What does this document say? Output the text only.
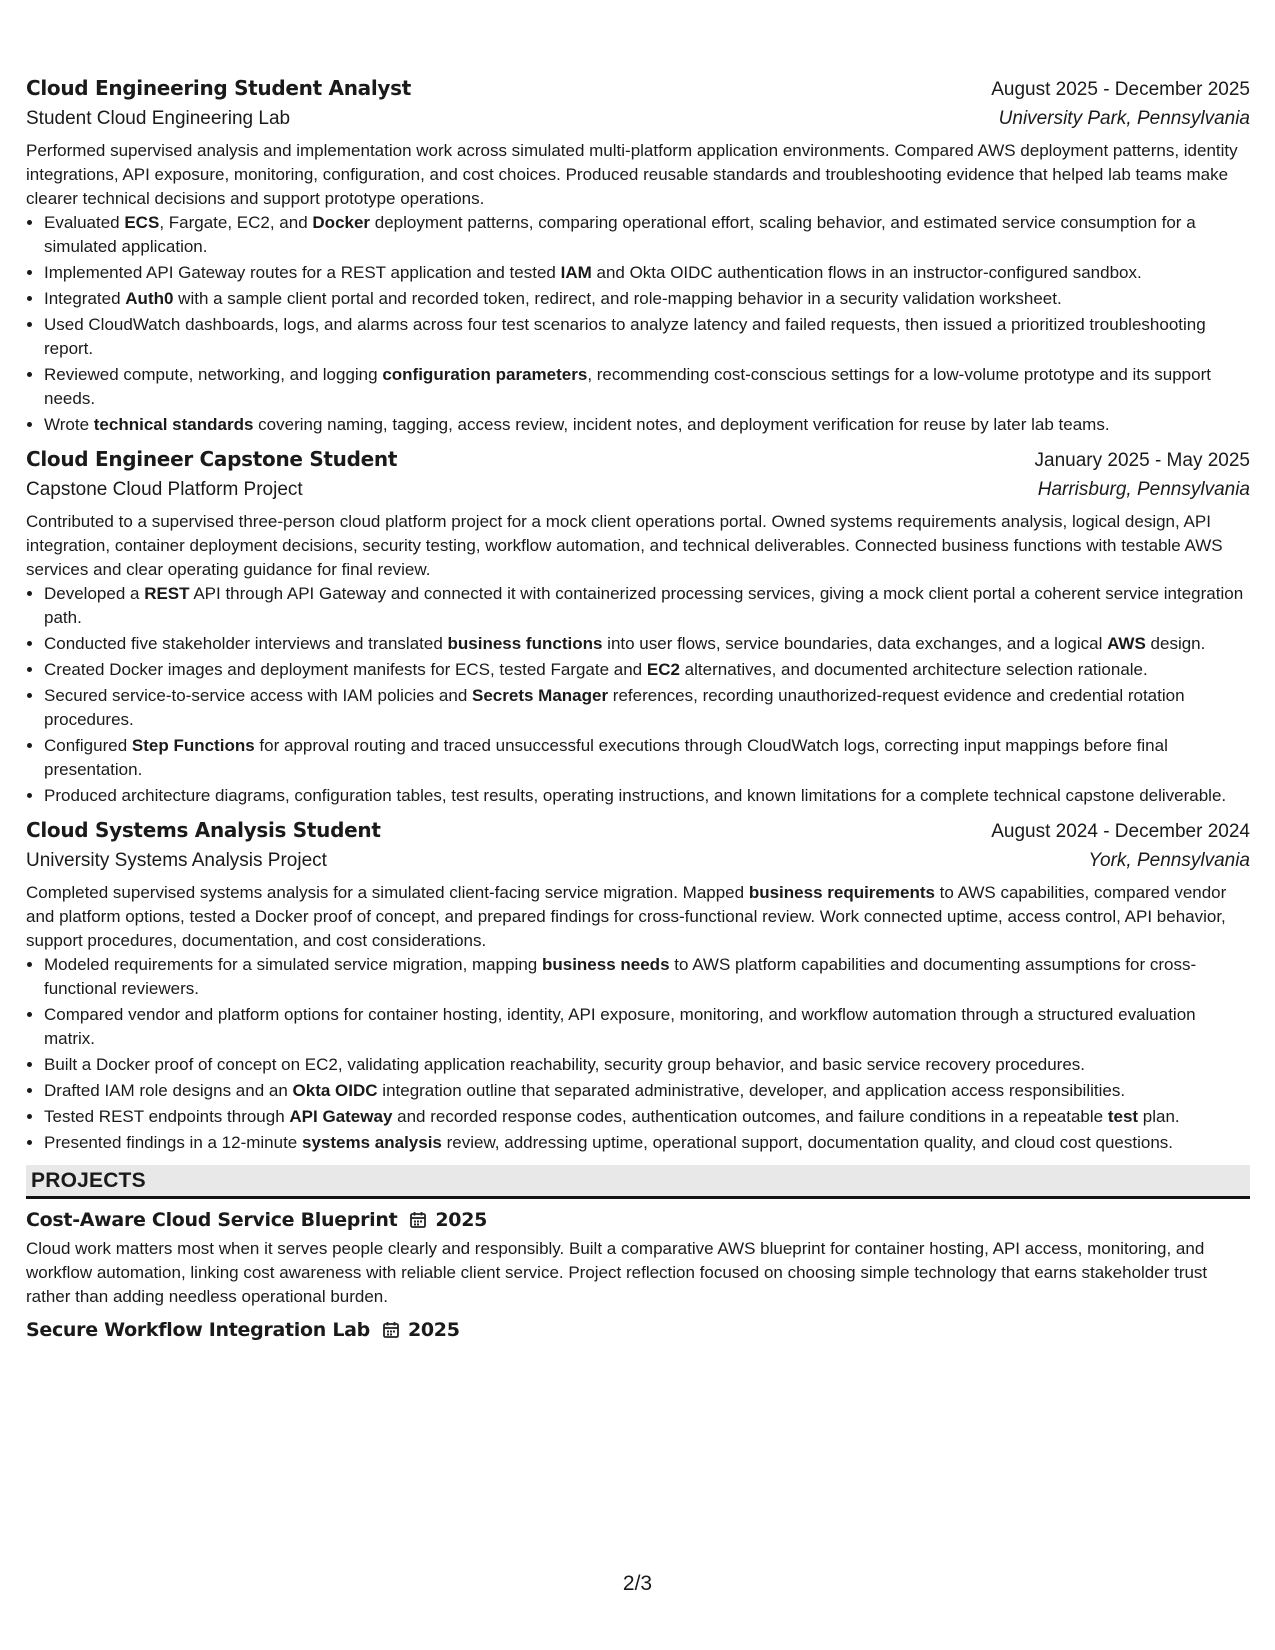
Cloud Engineering Student Analyst	August 2025 - December 2025
Student Cloud Engineering Lab	University Park, Pennsylvania

Performed supervised analysis and implementation work across simulated multi-platform application environments. Compared AWS deployment patterns, identity integrations, API exposure, monitoring, configuration, and cost choices. Produced reusable standards and troubleshooting evidence that helped lab teams make clearer technical decisions and support prototype operations.

• Evaluated ECS, Fargate, EC2, and Docker deployment patterns, comparing operational effort, scaling behavior, and estimated service consumption for a simulated application.
• Implemented API Gateway routes for a REST application and tested IAM and Okta OIDC authentication flows in an instructor-configured sandbox.
• Integrated Auth0 with a sample client portal and recorded token, redirect, and role-mapping behavior in a security validation worksheet.
• Used CloudWatch dashboards, logs, and alarms across four test scenarios to analyze latency and failed requests, then issued a prioritized troubleshooting report.
• Reviewed compute, networking, and logging configuration parameters, recommending cost-conscious settings for a low-volume prototype and its support needs.
• Wrote technical standards covering naming, tagging, access review, incident notes, and deployment verification for reuse by later lab teams.
Cloud Engineer Capstone Student	January 2025 - May 2025
Capstone Cloud Platform Project	Harrisburg, Pennsylvania

Contributed to a supervised three-person cloud platform project for a mock client operations portal. Owned systems requirements analysis, logical design, API integration, container deployment decisions, security testing, workflow automation, and technical deliverables. Connected business functions with testable AWS services and clear operating guidance for final review.

• Developed a REST API through API Gateway and connected it with containerized processing services, giving a mock client portal a coherent service integration path.
• Conducted five stakeholder interviews and translated business functions into user flows, service boundaries, data exchanges, and a logical AWS design.
• Created Docker images and deployment manifests for ECS, tested Fargate and EC2 alternatives, and documented architecture selection rationale.
• Secured service-to-service access with IAM policies and Secrets Manager references, recording unauthorized-request evidence and credential rotation procedures.
• Configured Step Functions for approval routing and traced unsuccessful executions through CloudWatch logs, correcting input mappings before final presentation.
• Produced architecture diagrams, configuration tables, test results, operating instructions, and known limitations for a complete technical capstone deliverable.
Cloud Systems Analysis Student	August 2024 - December 2024
University Systems Analysis Project	York, Pennsylvania

Completed supervised systems analysis for a simulated client-facing service migration. Mapped business requirements to AWS capabilities, compared vendor and platform options, tested a Docker proof of concept, and prepared findings for cross-functional review. Work connected uptime, access control, API behavior, support procedures, documentation, and cost considerations.

• Modeled requirements for a simulated service migration, mapping business needs to AWS platform capabilities and documenting assumptions for cross-functional reviewers.
• Compared vendor and platform options for container hosting, identity, API exposure, monitoring, and workflow automation through a structured evaluation matrix.
• Built a Docker proof of concept on EC2, validating application reachability, security group behavior, and basic service recovery procedures.
• Drafted IAM role designs and an Okta OIDC integration outline that separated administrative, developer, and application access responsibilities.
• Tested REST endpoints through API Gateway and recorded response codes, authentication outcomes, and failure conditions in a repeatable test plan.
• Presented findings in a 12-minute systems analysis review, addressing uptime, operational support, documentation quality, and cloud cost questions.
PROJECTS
Cost-Aware Cloud Service Blueprint 2025
Cloud work matters most when it serves people clearly and responsibly. Built a comparative AWS blueprint for container hosting, API access, monitoring, and workflow automation, linking cost awareness with reliable client service. Project reflection focused on choosing simple technology that earns stakeholder trust rather than adding needless operational burden.
Secure Workflow Integration Lab 2025
2/3
